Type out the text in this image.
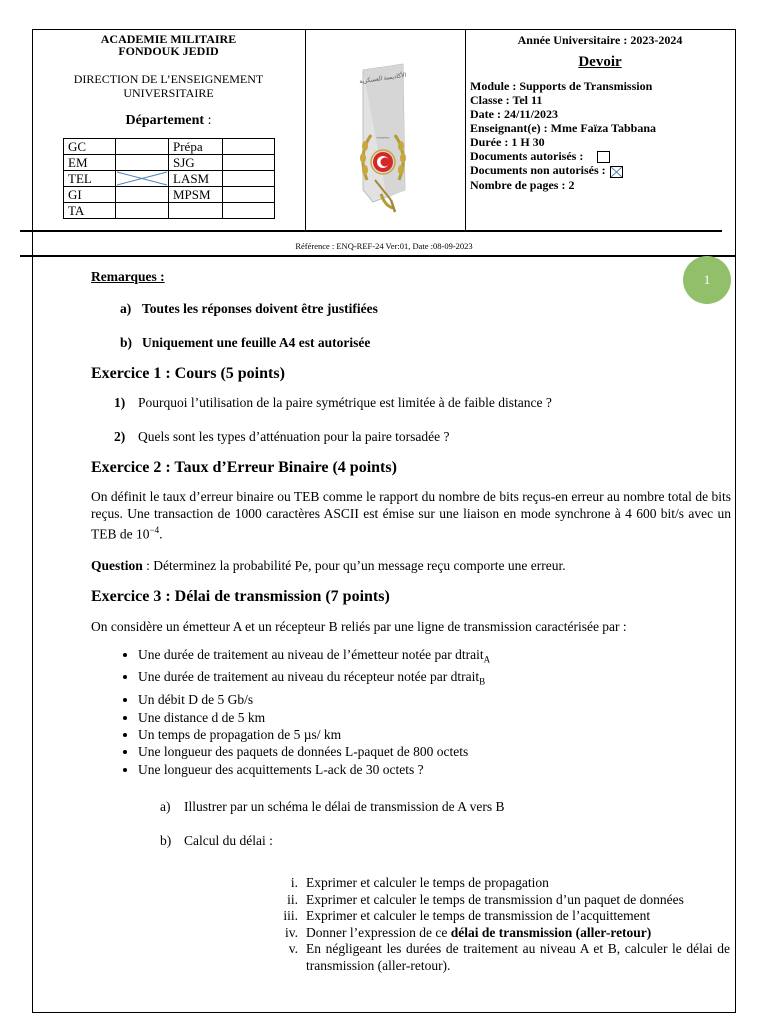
ACADEMIE MILITAIRE
FONDOUK JEDID
DIRECTION DE L’ENSEIGNEMENT
UNIVERSITAIRE
Département :
GC		Prépa	
EM		SJG	
TEL		LASM	
GI		MPSM	
TA			
الأكاديمية العسكرية
~~~~
Année Universitaire : 2023-2024
Devoir
Module : Supports de Transmission
Classe : Tel 11
Date : 24/11/2023
Enseignant(e) : Mme Faïza Tabbana
Durée : 1 H 30
Documents autorisés :
Documents non autorisés :
Nombre de pages : 2
Référence : ENQ-REF-24 Ver:01, Date :08-09-2023
1

Remarques :

a) Toutes les réponses doivent être justifiées
b) Uniquement une feuille A4 est autorisée
Exercice 1 : Cours (5 points)
1) Pourquoi l’utilisation de la paire symétrique est limitée à de faible distance ?
2) Quels sont les types d’atténuation pour la paire torsadée ?
Exercice 2 : Taux d’Erreur Binaire (4 points)
On définit le taux d’erreur binaire ou TEB comme le rapport du nombre de bits reçus-en erreur au nombre total de bits reçus. Une transaction de 1000 caractères ASCII est émise sur une liaison en mode synchrone à 4 600 bit/s avec un TEB de $10^{-4}$.
Question : Déterminez la probabilité Pe, pour qu’un message reçu comporte une erreur.
Exercice 3 : Délai de transmission (7 points)
On considère un émetteur A et un récepteur B reliés par une ligne de transmission caractérisée par :
• Une durée de traitement au niveau de l’émetteur notée par dtrait$_A$
• Une durée de traitement au niveau du récepteur notée par dtrait$_B$
• Un débit D de 5 Gb/s
• Une distance d de 5 km
• Un temps de propagation de 5 µs/ km
• Une longueur des paquets de données L-paquet de 800 octets
• Une longueur des acquittements L-ack de 30 octets ?
a) Illustrer par un schéma le délai de transmission de A vers B
b) Calcul du délai :
i. Exprimer et calculer le temps de propagation
ii. Exprimer et calculer le temps de transmission d’un paquet de données
iii. Exprimer et calculer le temps de transmission de l’acquittement
iv. Donner l’expression de ce délai de transmission (aller-retour)
v. En négligeant les durées de traitement au niveau A et B, calculer le délai de transmission (aller-retour).
